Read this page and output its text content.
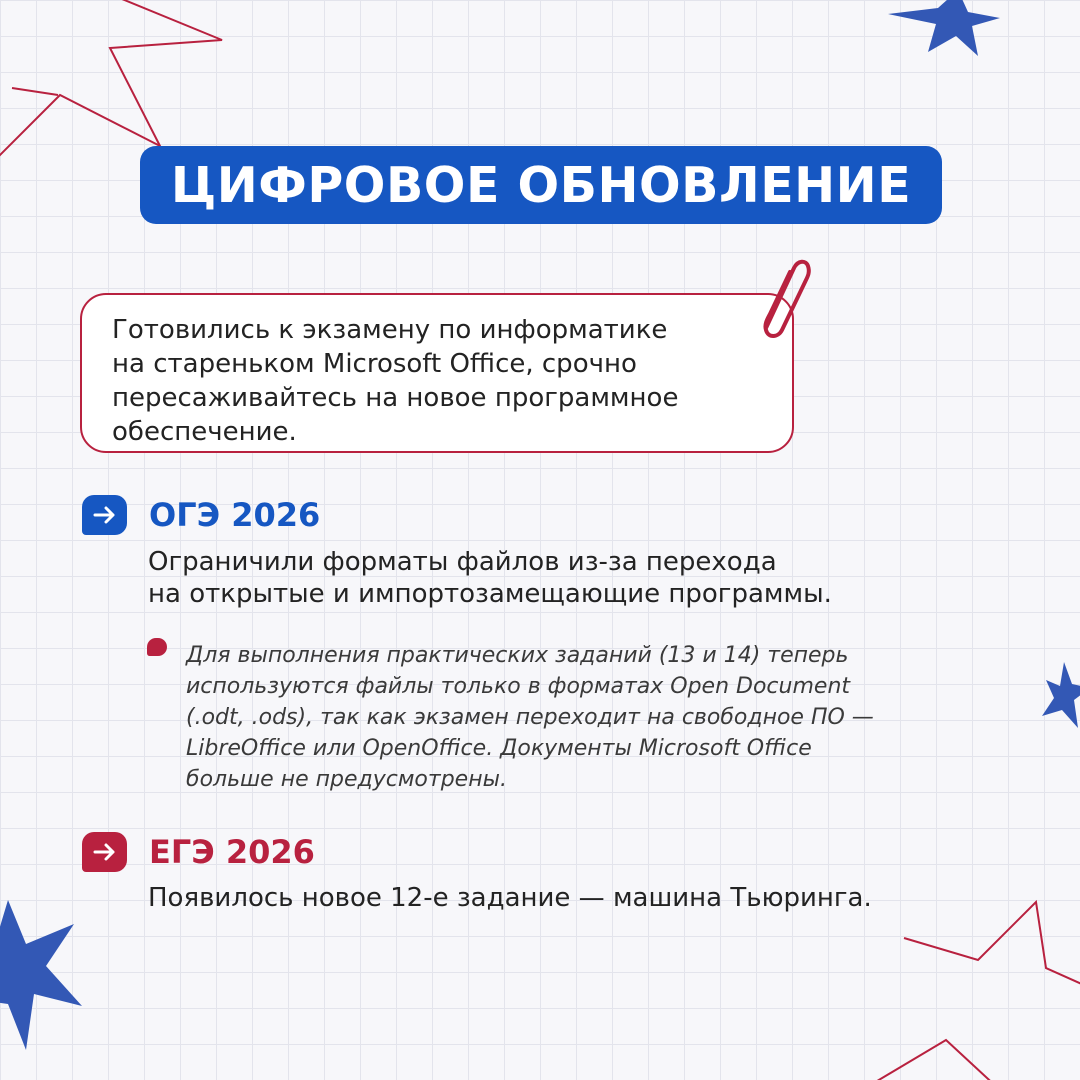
ЦИФРОВОЕ ОБНОВЛЕНИЕ

Готовились к экзамену по информатике
на старeньком Microsoft Office, срочно
пересаживайтесь на новое программное
обеспечение.

ОГЭ 2026

Ограничили форматы файлов из-за перехода
на открытые и импортозамещающие программы.

Для выполнения практических заданий (13 и 14) теперь
используются файлы только в форматах Open Document
(.odt, .ods), так как экзамен переходит на свободное ПО —
LibreOffice или OpenOffice. Документы Microsoft Office
больше не предусмотрены.

ЕГЭ 2026

Появилось новое 12-е задание — машина Тьюринга.
